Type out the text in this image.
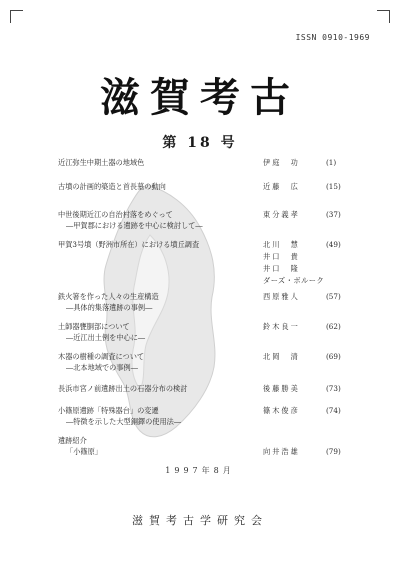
ISSN 0910-1969
滋賀考古
第 18 号
近江弥生中期土器の地域色	伊庭　功	(1)
古墳の計画的築造と首長墓の動向	近藤　広	(15)
中世後期近江の自治村落をめぐって
―甲賀郡における遺跡を中心に検討して―
東分義孝	(37)
甲賀3号墳（野洲市所在）における墳丘調査	北川　慧	(49)
井口　貴
井口　隆
ダーズ・ボルーク
鉄火箸を作った人々の生産構造
―具体的集落遺跡の事例―
西原雅人	(57)
土師器甕胴部について
―近江出土例を中心に―
鈴木良一	(62)
木器の樹種の調査について
―北本地域での事例―
北岡　清	(69)
長浜市宮ノ前遺跡出土の石器分布の検討	後藤勝美	(73)
小篠原遺跡「特殊器台」の変遷
―特徴を示した大型銅鐸の使用法―
篠木俊彦	(74)
遺跡紹介
「小篠原」	向井浩雄	(79)
1997年8月
滋賀考古学研究会
